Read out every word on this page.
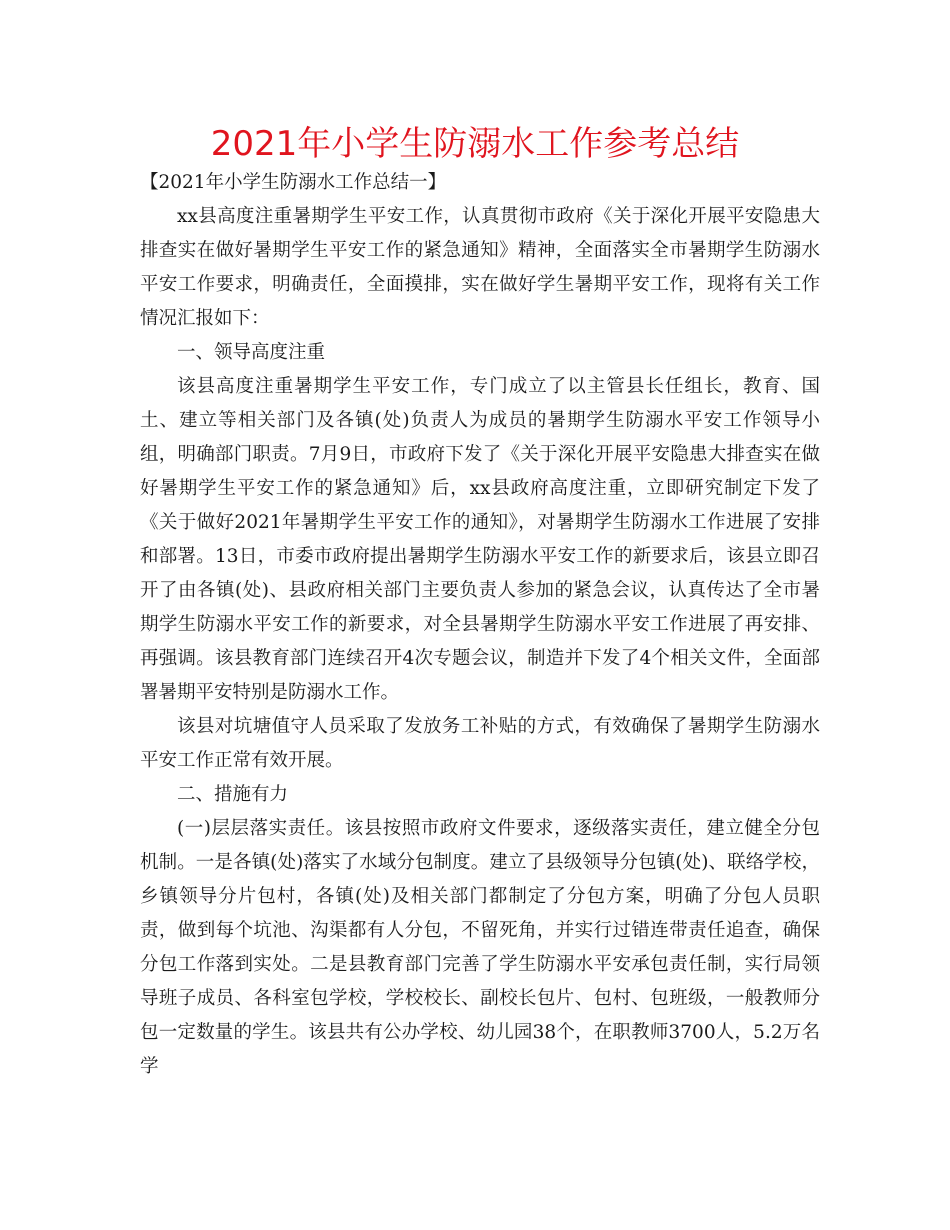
2021年小学生防溺水工作参考总结

【2021年小学生防溺水工作总结一】

xx县高度注重暑期学生平安工作，认真贯彻市政府《关于深化开展平安隐患大排查实在做好暑期学生平安工作的紧急通知》精神，全面落实全市暑期学生防溺水平安工作要求，明确责任，全面摸排，实在做好学生暑期平安工作，现将有关工作情况汇报如下：

一、领导高度注重

该县高度注重暑期学生平安工作，专门成立了以主管县长任组长，教育、国土、建立等相关部门及各镇(处)负责人为成员的暑期学生防溺水平安工作领导小组，明确部门职责。7月9日，市政府下发了《关于深化开展平安隐患大排查实在做好暑期学生平安工作的紧急通知》后，xx县政府高度注重，立即研究制定下发了《关于做好2021年暑期学生平安工作的通知》，对暑期学生防溺水工作进展了安排和部署。13日，市委市政府提出暑期学生防溺水平安工作的新要求后，该县立即召开了由各镇(处)、县政府相关部门主要负责人参加的紧急会议，认真传达了全市暑期学生防溺水平安工作的新要求，对全县暑期学生防溺水平安工作进展了再安排、再强调。该县教育部门连续召开4次专题会议，制造并下发了4个相关文件，全面部署暑期平安特别是防溺水工作。

该县对坑塘值守人员采取了发放务工补贴的方式，有效确保了暑期学生防溺水平安工作正常有效开展。

二、措施有力

(一)层层落实责任。该县按照市政府文件要求，逐级落实责任，建立健全分包机制。一是各镇(处)落实了水域分包制度。建立了县级领导分包镇(处)、联络学校，乡镇领导分片包村，各镇(处)及相关部门都制定了分包方案，明确了分包人员职责，做到每个坑池、沟渠都有人分包，不留死角，并实行过错连带责任追查，确保分包工作落到实处。二是县教育部门完善了学生防溺水平安承包责任制，实行局领导班子成员、各科室包学校，学校校长、副校长包片、包村、包班级，一般教师分包一定数量的学生。该县共有公办学校、幼儿园38个，在职教师3700人，5.2万名学
